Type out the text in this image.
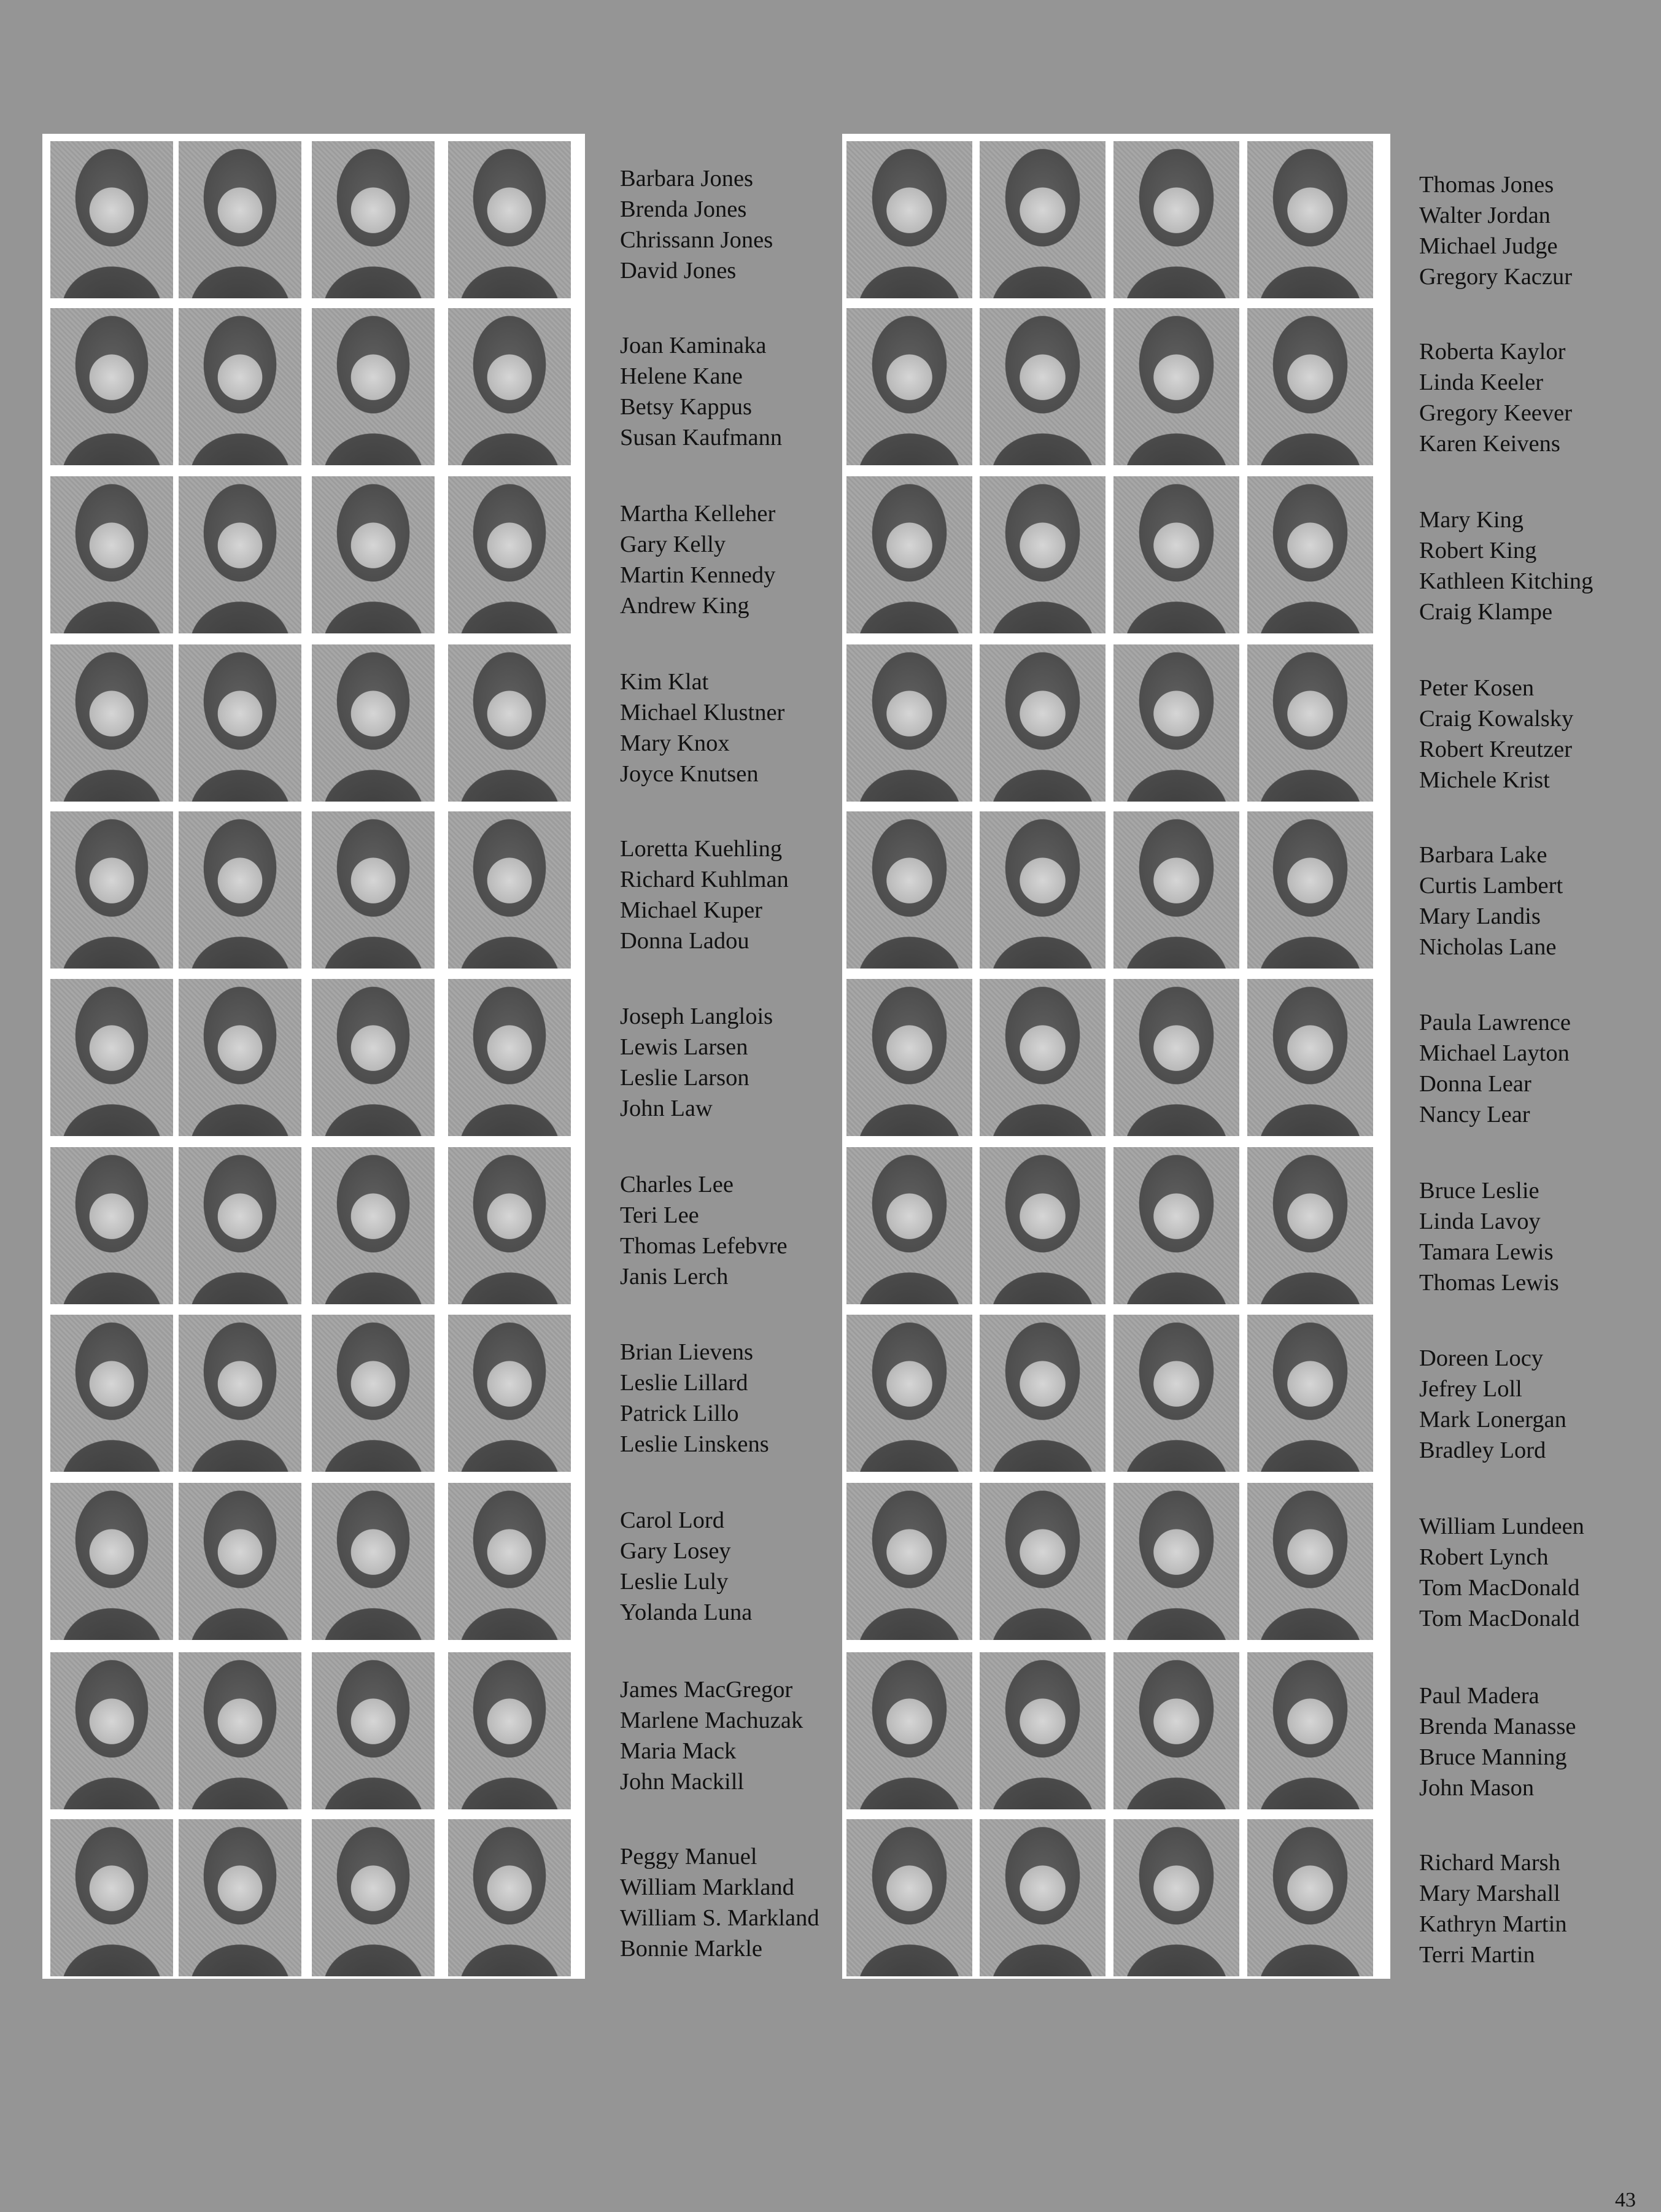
Barbara Jones
Brenda Jones
Chrissann Jones
David Jones
Joan Kaminaka
Helene Kane
Betsy Kappus
Susan Kaufmann
Martha Kelleher
Gary Kelly
Martin Kennedy
Andrew King
Kim Klat
Michael Klustner
Mary Knox
Joyce Knutsen
Loretta Kuehling
Richard Kuhlman
Michael Kuper
Donna Ladou
Joseph Langlois
Lewis Larsen
Leslie Larson
John Law
Charles Lee
Teri Lee
Thomas Lefebvre
Janis Lerch
Brian Lievens
Leslie Lillard
Patrick Lillo
Leslie Linskens
Carol Lord
Gary Losey
Leslie Luly
Yolanda Luna
James MacGregor
Marlene Machuzak
Maria Mack
John Mackill
Peggy Manuel
William Markland
William S. Markland
Bonnie Markle
Thomas Jones
Walter Jordan
Michael Judge
Gregory Kaczur
Roberta Kaylor
Linda Keeler
Gregory Keever
Karen Keivens
Mary King
Robert King
Kathleen Kitching
Craig Klampe
Peter Kosen
Craig Kowalsky
Robert Kreutzer
Michele Krist
Barbara Lake
Curtis Lambert
Mary Landis
Nicholas Lane
Paula Lawrence
Michael Layton
Donna Lear
Nancy Lear
Bruce Leslie
Linda Lavoy
Tamara Lewis
Thomas Lewis
Doreen Locy
Jefrey Loll
Mark Lonergan
Bradley Lord
William Lundeen
Robert Lynch
Tom MacDonald
Tom MacDonald
Paul Madera
Brenda Manasse
Bruce Manning
John Mason
Richard Marsh
Mary Marshall
Kathryn Martin
Terri Martin
43
